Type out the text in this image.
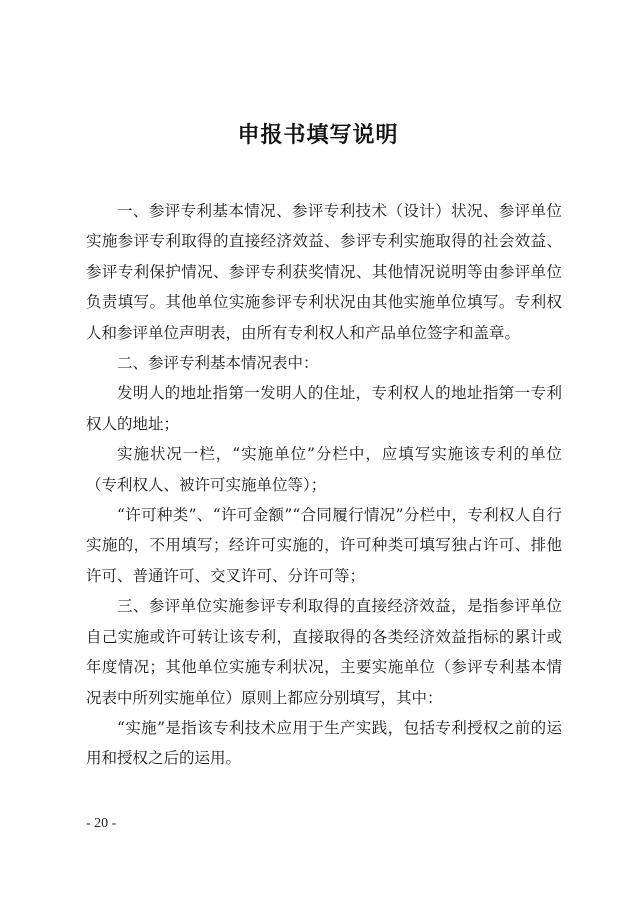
申报书填写说明

一、参评专利基本情况、参评专利技术（设计）状况、参评单位实施参评专利取得的直接经济效益、参评专利实施取得的社会效益、参评专利保护情况、参评专利获奖情况、其他情况说明等由参评单位负责填写。其他单位实施参评专利状况由其他实施单位填写。专利权人和参评单位声明表，由所有专利权人和产品单位签字和盖章。

二、参评专利基本情况表中：

发明人的地址指第一发明人的住址，专利权人的地址指第一专利权人的地址；

实施状况一栏，“实施单位”分栏中，应填写实施该专利的单位（专利权人、被许可实施单位等）；

“许可种类”、“许可金额”“合同履行情况”分栏中，专利权人自行实施的，不用填写；经许可实施的，许可种类可填写独占许可、排他许可、普通许可、交叉许可、分许可等；

三、参评单位实施参评专利取得的直接经济效益，是指参评单位自己实施或许可转让该专利，直接取得的各类经济效益指标的累计或年度情况；其他单位实施专利状况，主要实施单位（参评专利基本情况表中所列实施单位）原则上都应分别填写，其中：

“实施”是指该专利技术应用于生产实践，包括专利授权之前的运用和授权之后的运用。

- 20 -
